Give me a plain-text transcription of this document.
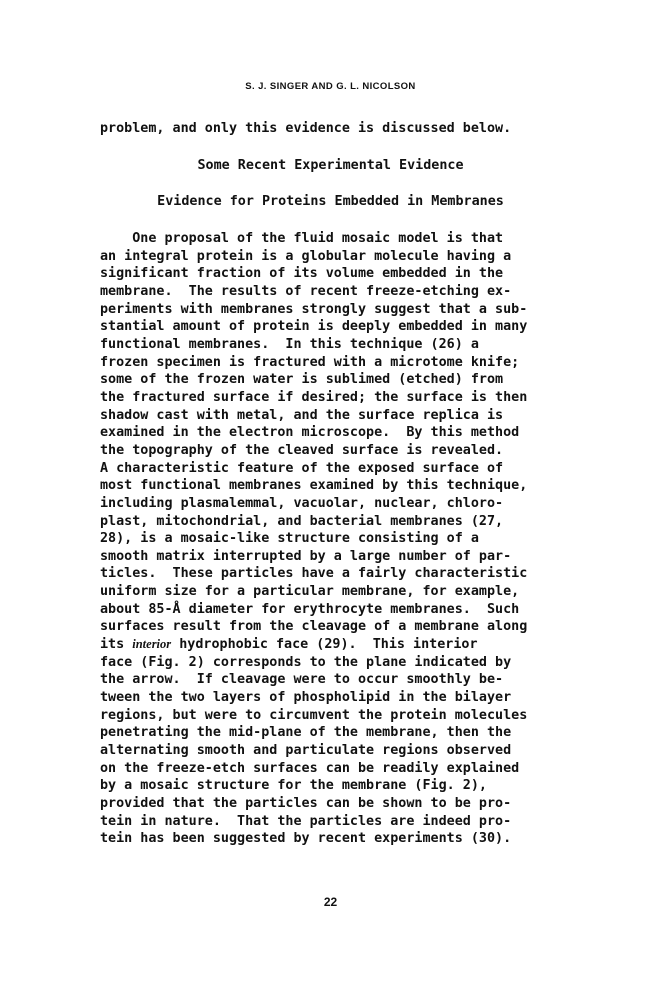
S. J. SINGER AND G. L. NICOLSON
problem, and only this evidence is discussed below.
Some Recent Experimental Evidence
Evidence for Proteins Embedded in Membranes
One proposal of the fluid mosaic model is that
an integral protein is a globular molecule having a
significant fraction of its volume embedded in the
membrane.  The results of recent freeze-etching ex-
periments with membranes strongly suggest that a sub-
stantial amount of protein is deeply embedded in many
functional membranes.  In this technique (26) a
frozen specimen is fractured with a microtome knife;
some of the frozen water is sublimed (etched) from
the fractured surface if desired; the surface is then
shadow cast with metal, and the surface replica is
examined in the electron microscope.  By this method
the topography of the cleaved surface is revealed.
A characteristic feature of the exposed surface of
most functional membranes examined by this technique,
including plasmalemmal, vacuolar, nuclear, chloro-
plast, mitochondrial, and bacterial membranes (27,
28), is a mosaic-like structure consisting of a
smooth matrix interrupted by a large number of par-
ticles.  These particles have a fairly characteristic
uniform size for a particular membrane, for example,
about 85-Å diameter for erythrocyte membranes.  Such
surfaces result from the cleavage of a membrane along
its interior hydrophobic face (29).  This interior
face (Fig. 2) corresponds to the plane indicated by
the arrow.  If cleavage were to occur smoothly be-
tween the two layers of phospholipid in the bilayer
regions, but were to circumvent the protein molecules
penetrating the mid-plane of the membrane, then the
alternating smooth and particulate regions observed
on the freeze-etch surfaces can be readily explained
by a mosaic structure for the membrane (Fig. 2),
provided that the particles can be shown to be pro-
tein in nature.  That the particles are indeed pro-
tein has been suggested by recent experiments (30).
22
